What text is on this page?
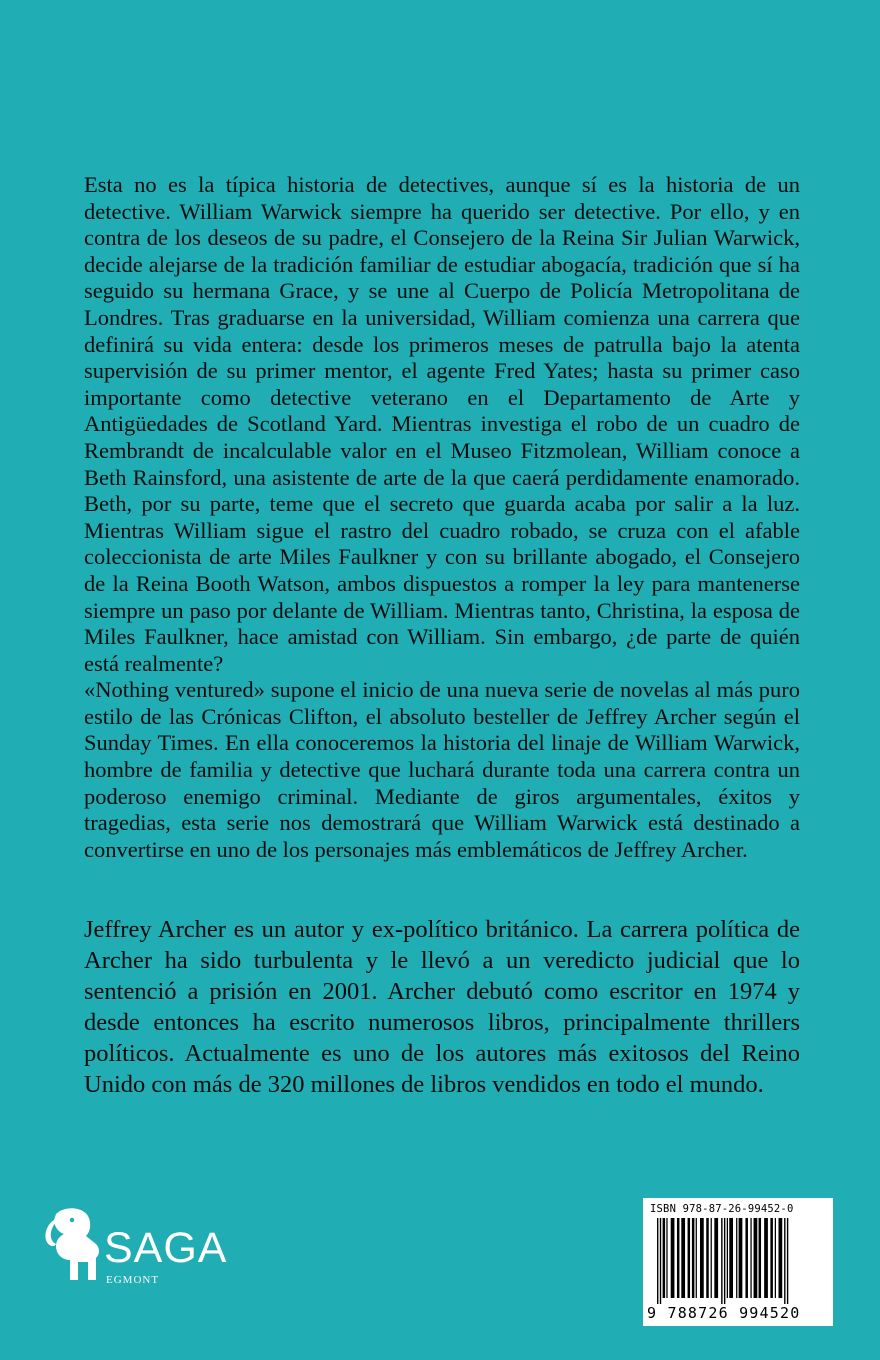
Esta no es la típica historia de detectives, aunque sí es la historia de un detective. William Warwick siempre ha querido ser detective. Por ello, y en contra de los deseos de su padre, el Consejero de la Reina Sir Julian Warwick, decide alejarse de la tradición familiar de estudiar abogacía, tradición que sí ha seguido su hermana Grace, y se une al Cuerpo de Policía Metropolitana de Londres. Tras graduarse en la universidad, William comienza una carrera que definirá su vida entera: desde los primeros meses de patrulla bajo la atenta supervisión de su primer mentor, el agente Fred Yates; hasta su primer caso importante como detective veterano en el Departamento de Arte y Antigüedades de Scotland Yard. Mientras investiga el robo de un cuadro de Rembrandt de incalculable valor en el Museo Fitzmolean, William conoce a Beth Rainsford, una asistente de arte de la que caerá perdidamente enamorado. Beth, por su parte, teme que el secreto que guarda acaba por salir a la luz. Mientras William sigue el rastro del cuadro robado, se cruza con el afable coleccionista de arte Miles Faulkner y con su brillante abogado, el Consejero de la Reina Booth Watson, ambos dispuestos a romper la ley para mantenerse siempre un paso por delante de William. Mientras tanto, Christina, la esposa de Miles Faulkner, hace amistad con William. Sin embargo, ¿de parte de quién está realmente?

«Nothing ventured» supone el inicio de una nueva serie de novelas al más puro estilo de las Crónicas Clifton, el absoluto besteller de Jeffrey Archer según el Sunday Times. En ella conoceremos la historia del linaje de William Warwick, hombre de familia y detective que luchará durante toda una carrera contra un poderoso enemigo criminal. Mediante de giros argumentales, éxitos y tragedias, esta serie nos demostrará que William Warwick está destinado a convertirse en uno de los personajes más emblemáticos de Jeffrey Archer.

Jeffrey Archer es un autor y ex-político británico. La carrera política de Archer ha sido turbulenta y le llevó a un veredicto judicial que lo sentenció a prisión en 2001. Archer debutó como escritor en 1974 y desde entonces ha escrito numerosos libros, principalmente thrillers políticos. Actualmente es uno de los autores más exitosos del Reino Unido con más de 320 millones de libros vendidos en todo el mundo.

SAGA
EGMONT
ISBN 978-87-26-99452-0
9 788726 994520
